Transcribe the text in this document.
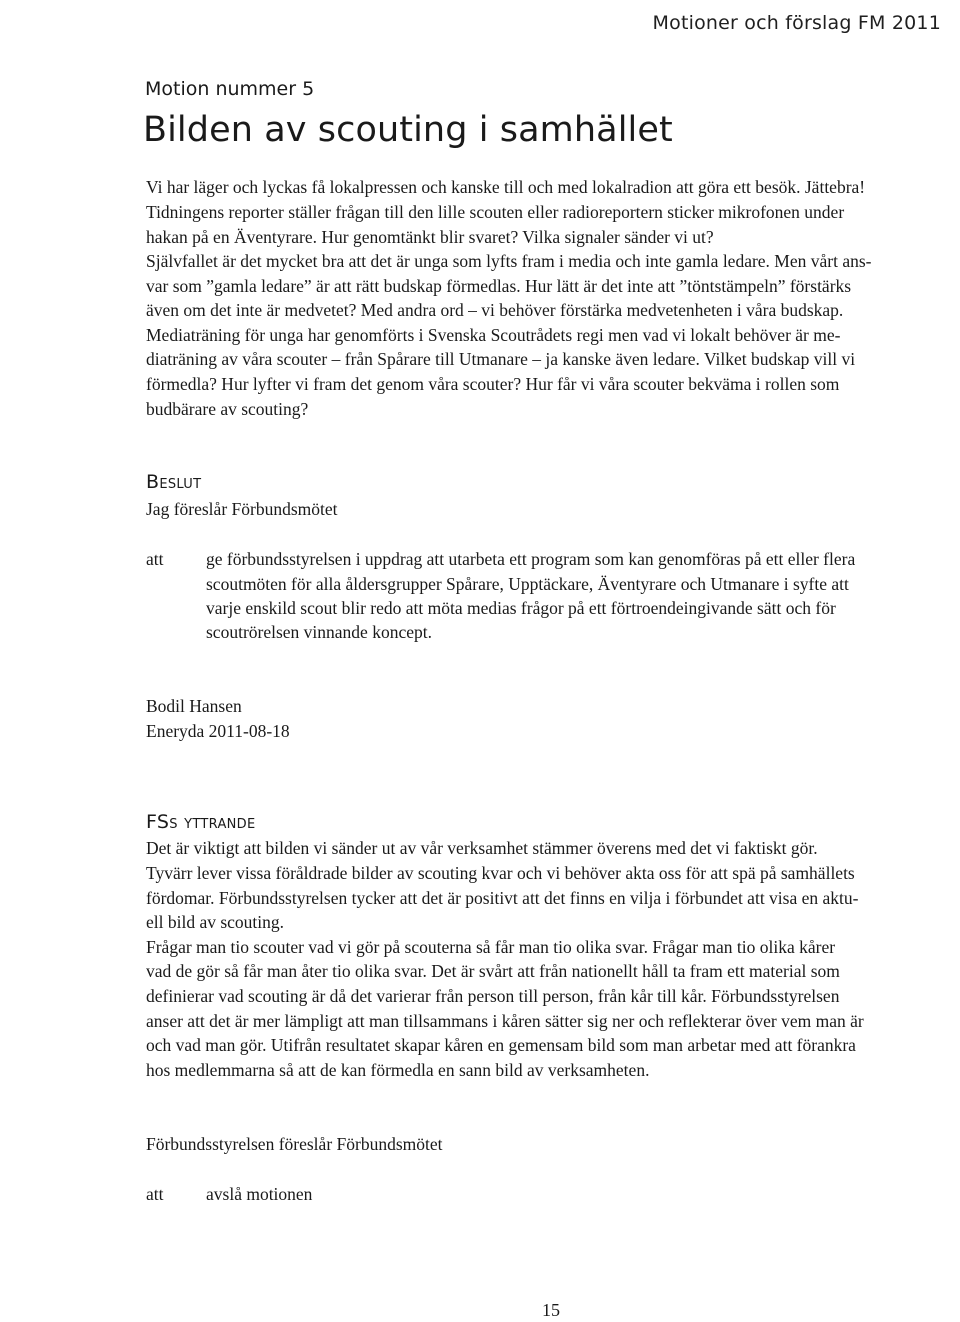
Motioner och förslag FM 2011
Motion nummer 5
Bilden av scouting i samhället
Vi har läger och lyckas få lokalpressen och kanske till och med lokalradion att göra ett besök. Jättebra!
Tidningens reporter ställer frågan till den lille scouten eller radioreportern sticker mikrofonen under
hakan på en Äventyrare. Hur genomtänkt blir svaret? Vilka signaler sänder vi ut?
Självfallet är det mycket bra att det är unga som lyfts fram i media och inte gamla ledare. Men vårt ans-
var som ”gamla ledare” är att rätt budskap förmedlas. Hur lätt är det inte att ”töntstämpeln” förstärks
även om det inte är medvetet? Med andra ord – vi behöver förstärka medvetenheten i våra budskap.
Mediaträning för unga har genomförts i Svenska Scoutrådets regi men vad vi lokalt behöver är me-
diaträning av våra scouter – från Spårare till Utmanare – ja kanske även ledare. Vilket budskap vill vi
förmedla? Hur lyfter vi fram det genom våra scouter? Hur får vi våra scouter bekväma i rollen som
budbärare av scouting?
Beslut
Jag föreslår Förbundsmötet
att ge förbundsstyrelsen i uppdrag att utarbeta ett program som kan genomföras på ett eller flera
scoutmöten för alla åldersgrupper Spårare, Upptäckare, Äventyrare och Utmanare i syfte att
varje enskild scout blir redo att möta medias frågor på ett förtroendeingivande sätt och för
scoutrörelsen vinnande koncept.
Bodil Hansen
Eneryda 2011-08-18
FSs yttrande
Det är viktigt att bilden vi sänder ut av vår verksamhet stämmer överens med det vi faktiskt gör.
Tyvärr lever vissa föråldrade bilder av scouting kvar och vi behöver akta oss för att spä på samhällets
fördomar. Förbundsstyrelsen tycker att det är positivt att det finns en vilja i förbundet att visa en aktu-
ell bild av scouting.
Frågar man tio scouter vad vi gör på scouterna så får man tio olika svar. Frågar man tio olika kårer
vad de gör så får man åter tio olika svar. Det är svårt att från nationellt håll ta fram ett material som
definierar vad scouting är då det varierar från person till person, från kår till kår. Förbundsstyrelsen
anser att det är mer lämpligt att man tillsammans i kåren sätter sig ner och reflekterar över vem man är
och vad man gör. Utifrån resultatet skapar kåren en gemensam bild som man arbetar med att förankra
hos medlemmarna så att de kan förmedla en sann bild av verksamheten.
Förbundsstyrelsen föreslår Förbundsmötet
att avslå motionen
15
